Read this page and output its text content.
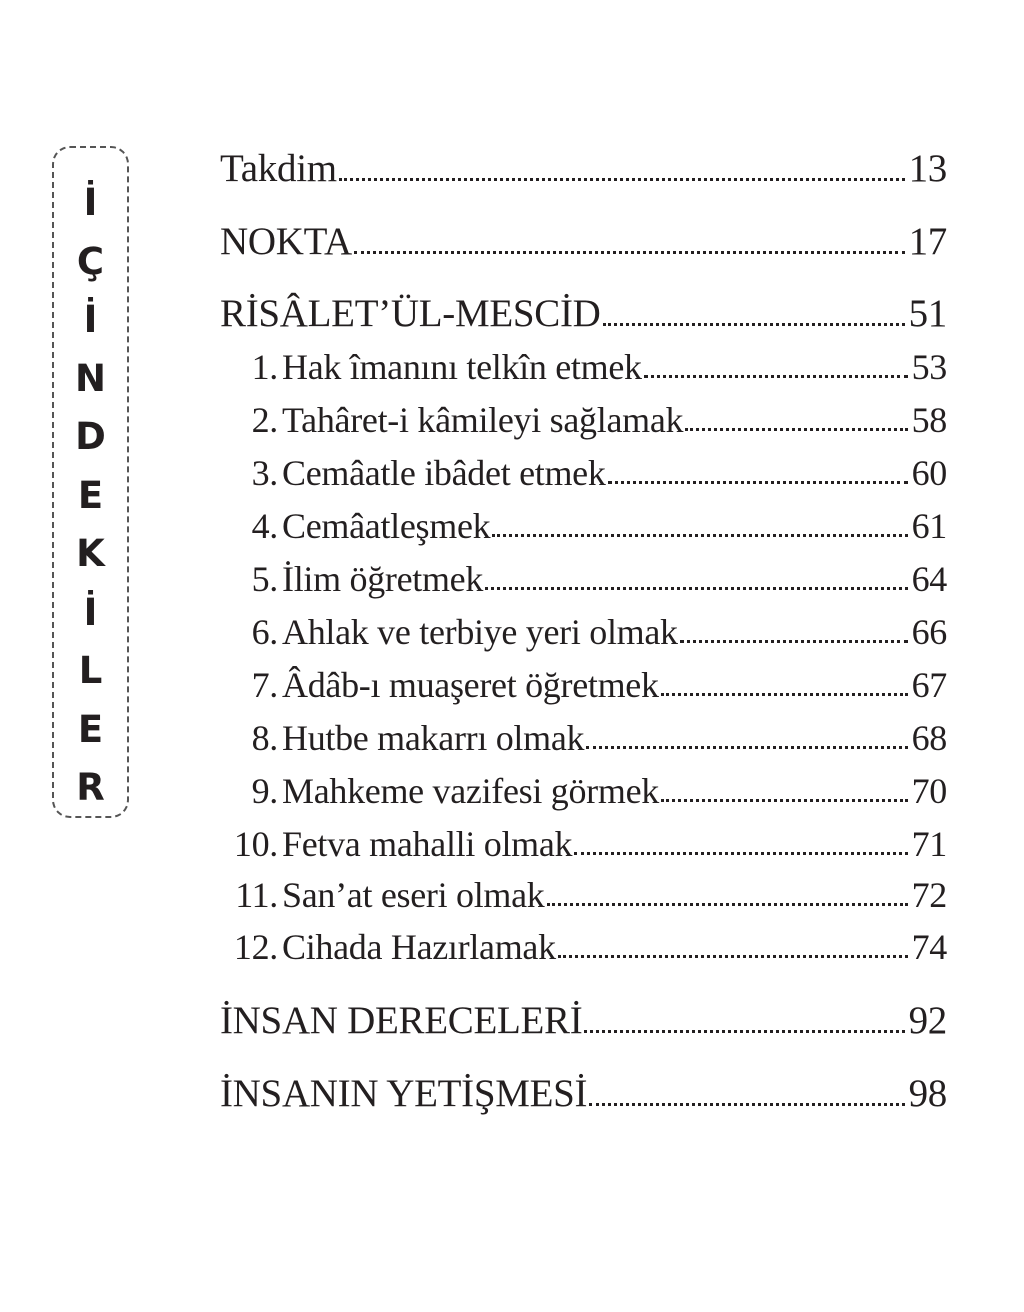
İ
Ç
İ
N
D
E
K
İ
L
E
R
Takdim	13
NOKTA	17
RİSÂLET’ÜL-MESCİD	51
1. Hak îmanını telkîn etmek	53
2. Tahâret-i kâmileyi sağlamak	58
3. Cemâatle ibâdet etmek	60
4. Cemâatleşmek	61
5. İlim öğretmek	64
6. Ahlak ve terbiye yeri olmak	66
7. Âdâb-ı muaşeret öğretmek	67
8. Hutbe makarrı olmak	68
9. Mahkeme vazifesi görmek	70
10. Fetva mahalli olmak	71
11. San’at eseri olmak	72
12. Cihada Hazırlamak	74
İNSAN DERECELERİ	92
İNSANIN YETİŞMESİ	98
